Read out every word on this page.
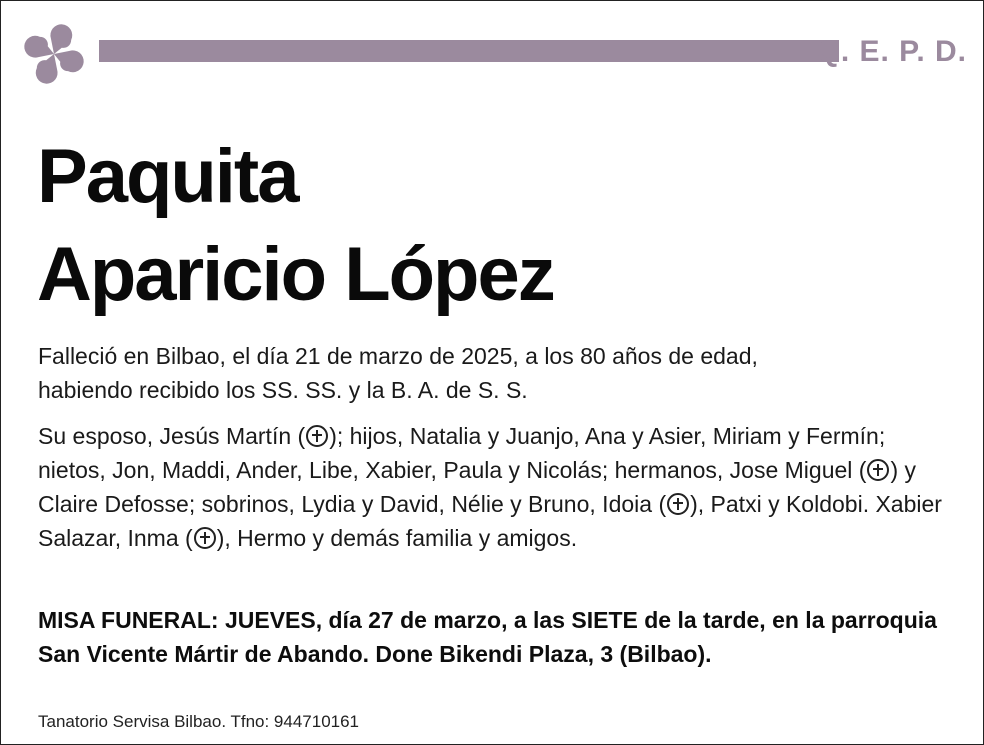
Q. E. P. D.
Paquita
Aparicio López

Falleció en Bilbao, el día 21 de marzo de 2025, a los 80 años de edad,
habiendo recibido los SS. SS. y la B. A. de S. S.

Su esposo, Jesús Martín ( ); hijos, Natalia y Juanjo, Ana y Asier, Miriam y Fermín; nietos, Jon, Maddi, Ander, Libe, Xabier, Paula y Nicolás; hermanos, Jose Miguel ( ) y Claire Defosse; sobrinos, Lydia y David, Nélie y Bruno, Idoia ( ), Patxi y Koldobi. Xabier Salazar, Inma ( ), Hermo y demás familia y amigos.

MISA FUNERAL: JUEVES, día 27 de marzo, a las SIETE de la tarde, en la parroquia San Vicente Mártir de Abando. Done Bikendi Plaza, 3 (Bilbao).

Tanatorio Servisa Bilbao. Tfno: 944710161
